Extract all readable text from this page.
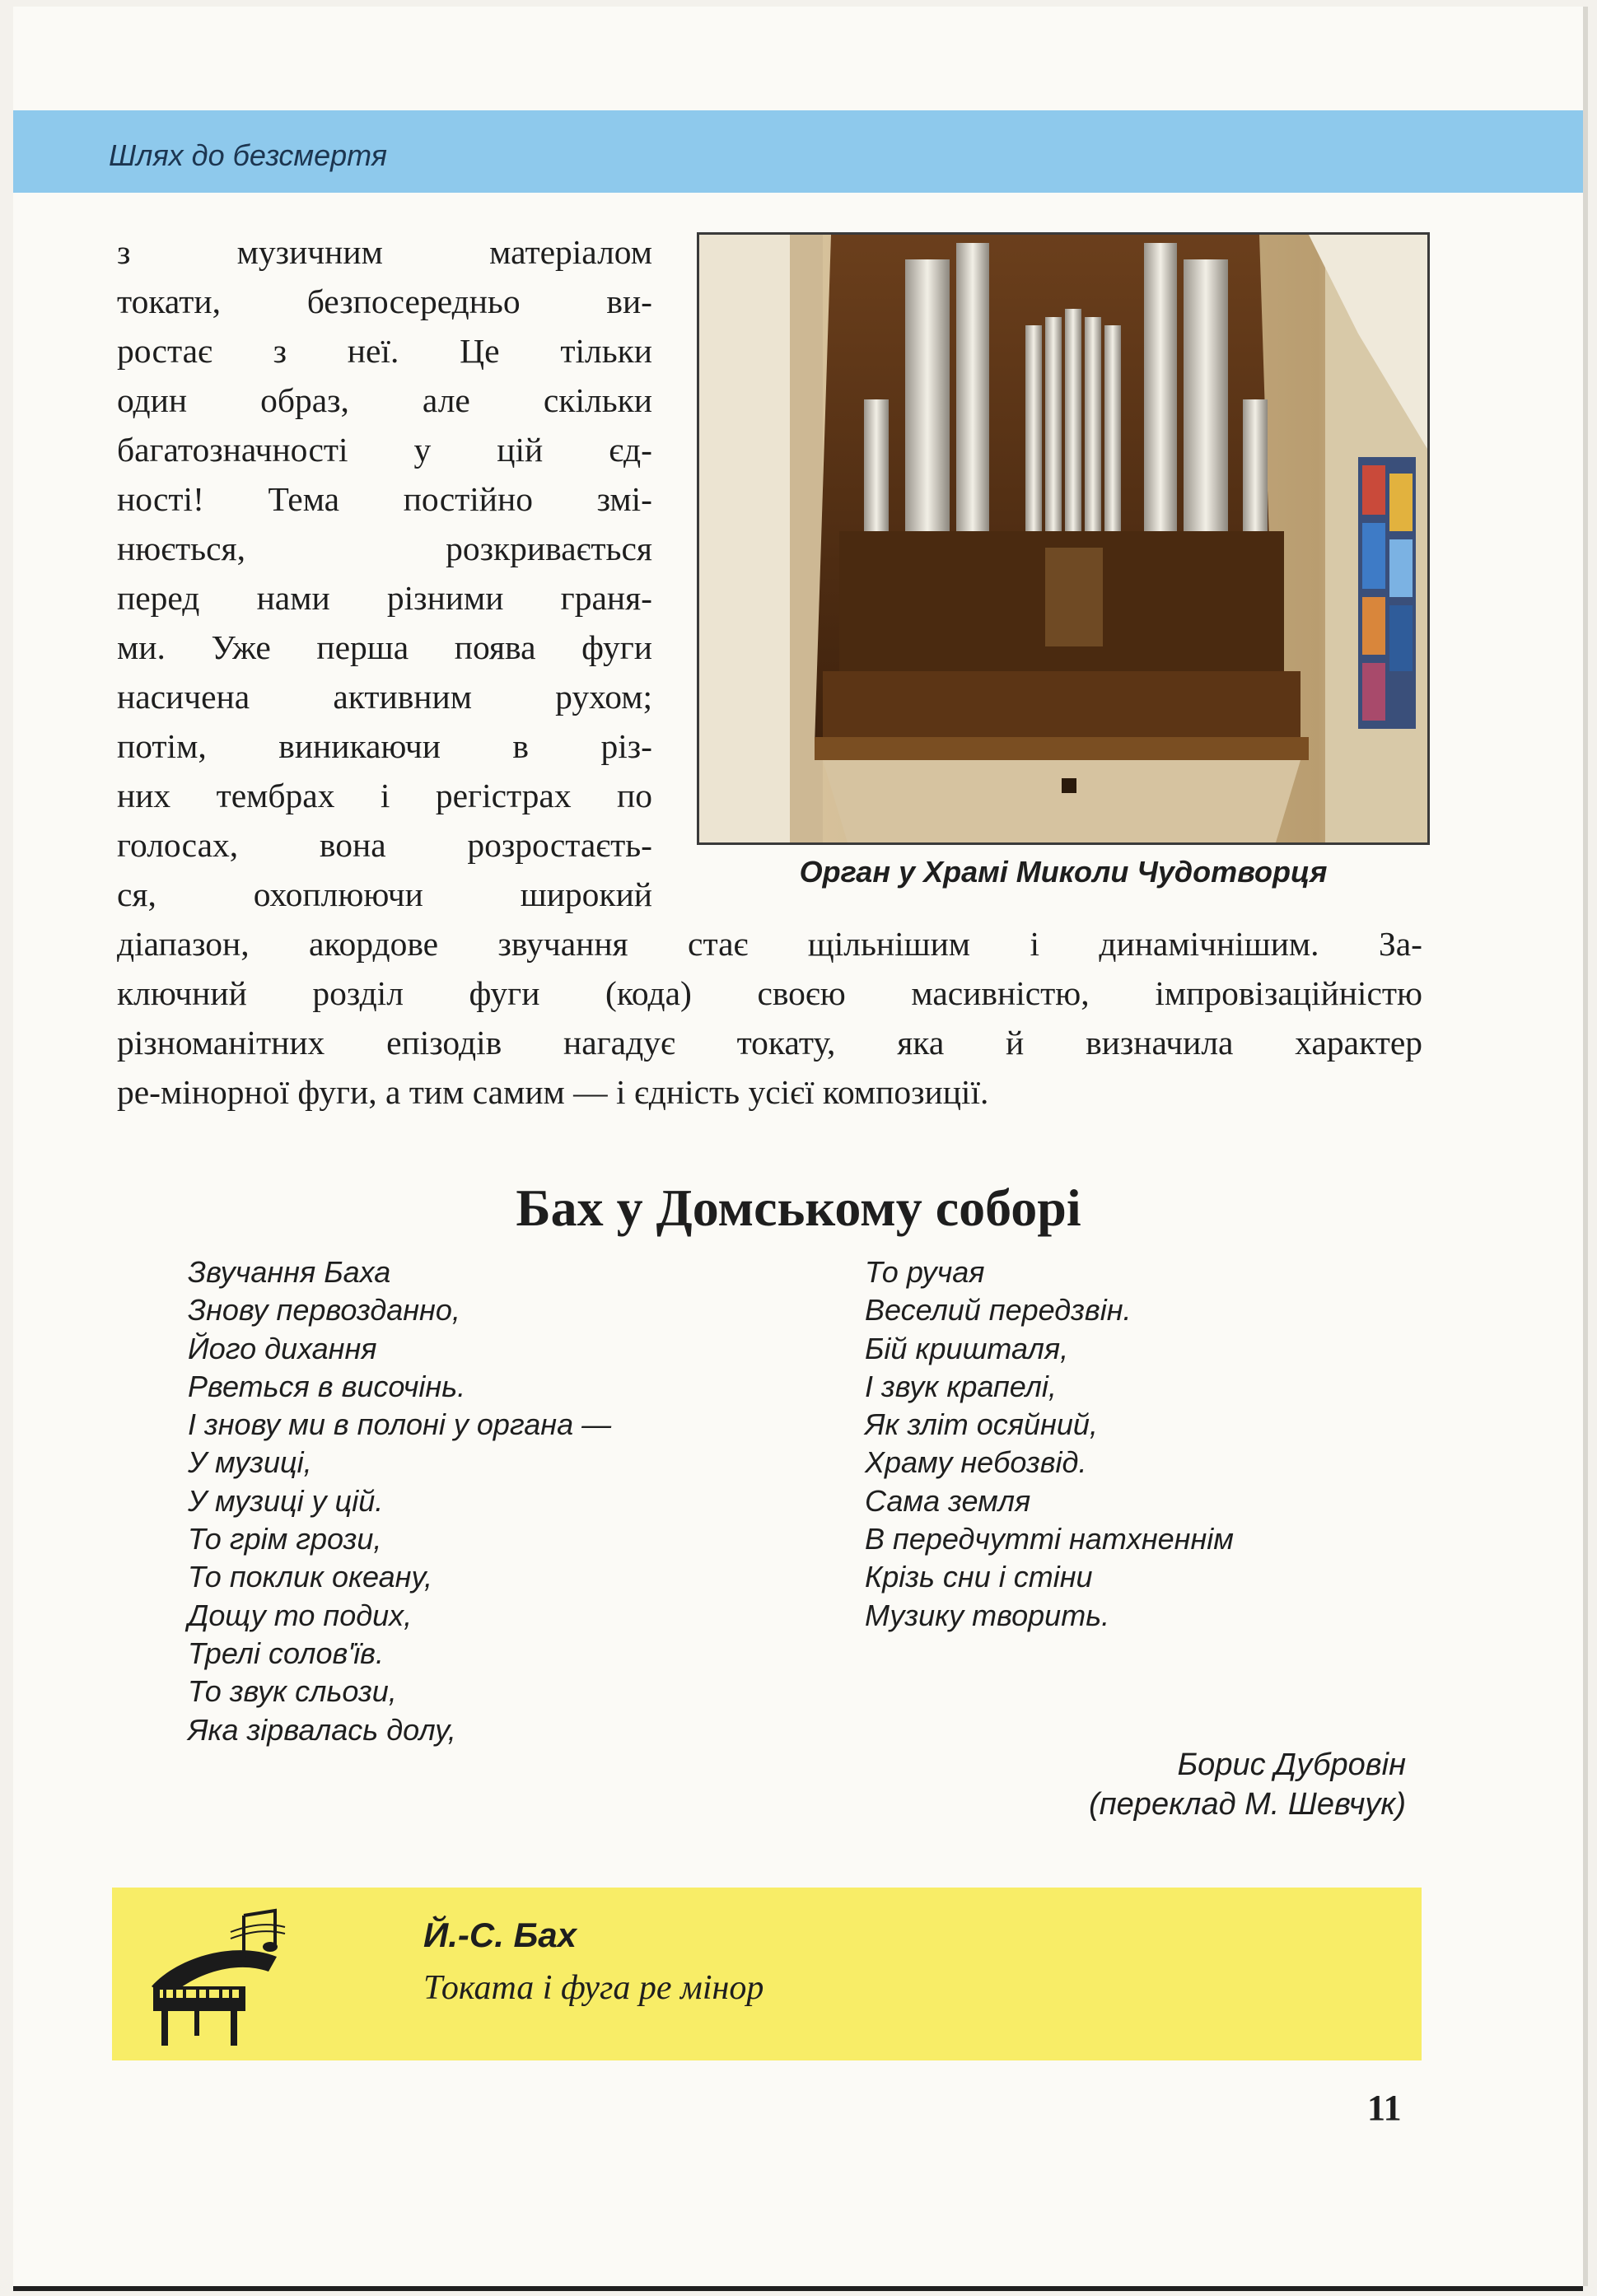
Шлях до безсмертя
з музичним матеріалом
токати, безпосередньо ви-
ростає з неї. Це тільки
один образ, але скільки
багатозначності у цій єд-
ності! Тема постійно змі-
нюється, розкривається
перед нами різними граня-
ми. Уже перша поява фуги
насичена активним рухом;
потім, виникаючи в різ-
них тембрах і регістрах по
голосах, вона розростаєть-
ся, охоплюючи широкий
Орган у Храмі Миколи Чудотворця
діапазон, акордове звучання стає щільнішим і динамічнішим. За-
ключний розділ фуги (кода) своєю масивністю, імпровізаційністю
різноманітних епізодів нагадує токату, яка й визначила характер
ре-мінорної фуги, а тим самим — і єдність усієї композиції.
Бах у Домському соборі
Звучання Баха
Знову первозданно,
Його дихання
Рветься в височінь.
І знову ми в полоні у органа —
У музиці,
У музиці у цій.
То грім грози,
То поклик океану,
Дощу то подих,
Трелі солов'їв.
То звук сльози,
Яка зірвалась долу,
То ручая
Веселий передзвін.
Бій кришталя,
І звук крапелі,
Як зліт осяйний,
Храму небозвід.
Сама земля
В передчутті натхненнім
Крізь сни і стіни
Музику творить.
Борис Дубровін
(переклад М. Шевчук)
Й.-С. Бах
Токата і фуга ре мінор
11
